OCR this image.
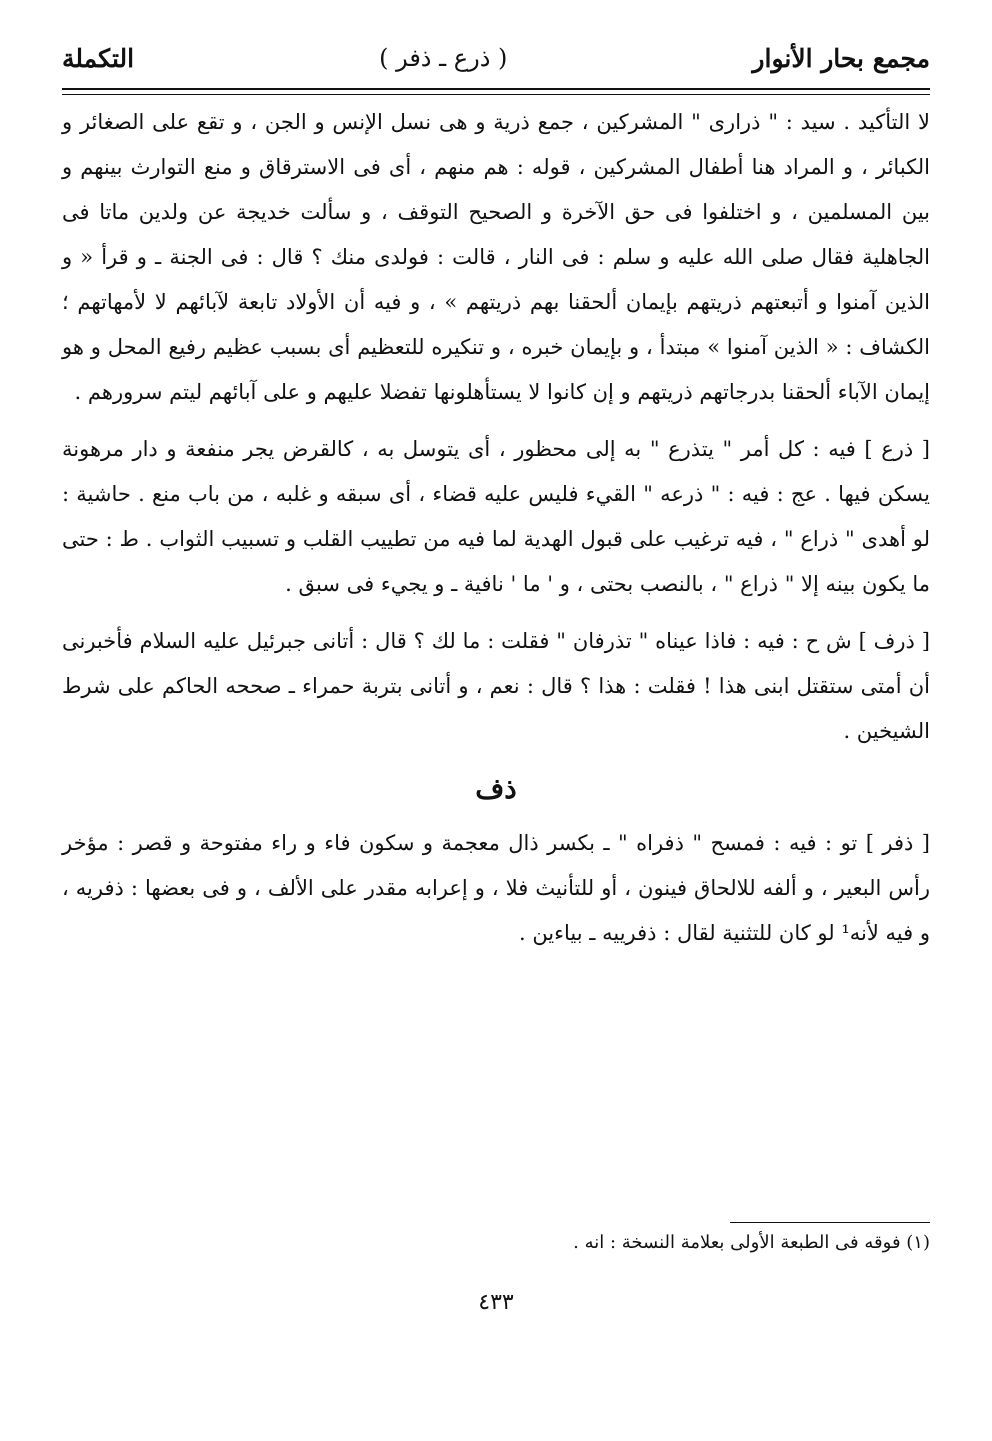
مجمع بحار الأنوار
( ذرع ـ ذفر )
التكملة

لا التأكيد . سيد : " ذرارى " المشركين ، جمع ذرية و هى نسل الإنس و الجن ، و تقع على الصغائر و الكبائر ، و المراد هنا أطفال المشركين ، قوله : هم منهم ، أى فى الاسترقاق و منع التوارث بينهم و بين المسلمين ، و اختلفوا فى حق الآخرة و الصحيح التوقف ، و سألت خديجة عن ولدين ماتا فى الجاهلية فقال صلى الله عليه و سلم : فى النار ، قالت : فولدى منك ؟ قال : فى الجنة ـ و قرأ « و الذين آمنوا و أتبعتهم ذريتهم بإيمان ألحقنا بهم ذريتهم » ، و فيه أن الأولاد تابعة لآبائهم لا لأمهاتهم ؛ الكشاف : « الذين آمنوا » مبتدأ ، و بإيمان خبره ، و تنكيره للتعظيم أى بسبب عظيم رفيع المحل و هو إيمان الآباء ألحقنا بدرجاتهم ذريتهم و إن كانوا لا يستأهلونها تفضلا عليهم و على آبائهم ليتم سرورهم .

[ ذرع ] فيه : كل أمر " يتذرع " به إلى محظور ، أى يتوسل به ، كالقرض يجر منفعة و دار مرهونة يسكن فيها . عج : فيه : " ذرعه " القيء فليس عليه قضاء ، أى سبقه و غلبه ، من باب منع . حاشية : لو أهدى " ذراع " ، فيه ترغيب على قبول الهدية لما فيه من تطييب القلب و تسبيب الثواب . ط : حتى ما يكون بينه إلا " ذراع " ، بالنصب بحتى ، و ' ما ' نافية ـ و يجيء فى سبق .

[ ذرف ] ش ح : فيه : فاذا عيناه " تذرفان " فقلت : ما لك ؟ قال : أتانى جبرئيل عليه السلام فأخبرنى أن أمتى ستقتل ابنى هذا ! فقلت : هذا ؟ قال : نعم ، و أتانى بتربة حمراء ـ صححه الحاكم على شرط الشيخين .

ذف

[ ذفر ] تو : فيه : فمسح " ذفراه " ـ بكسر ذال معجمة و سكون فاء و راء مفتوحة و قصر : مؤخر رأس البعير ، و ألفه للالحاق فينون ، أو للتأنيث فلا ، و إعرابه مقدر على الألف ، و فى بعضها : ذفريه ، و فيه لأنه¹ لو كان للتثنية لقال : ذفرييه ـ بياءين .

(١) فوقه فى الطبعة الأولى بعلامة النسخة : انه .
٤٣٣
